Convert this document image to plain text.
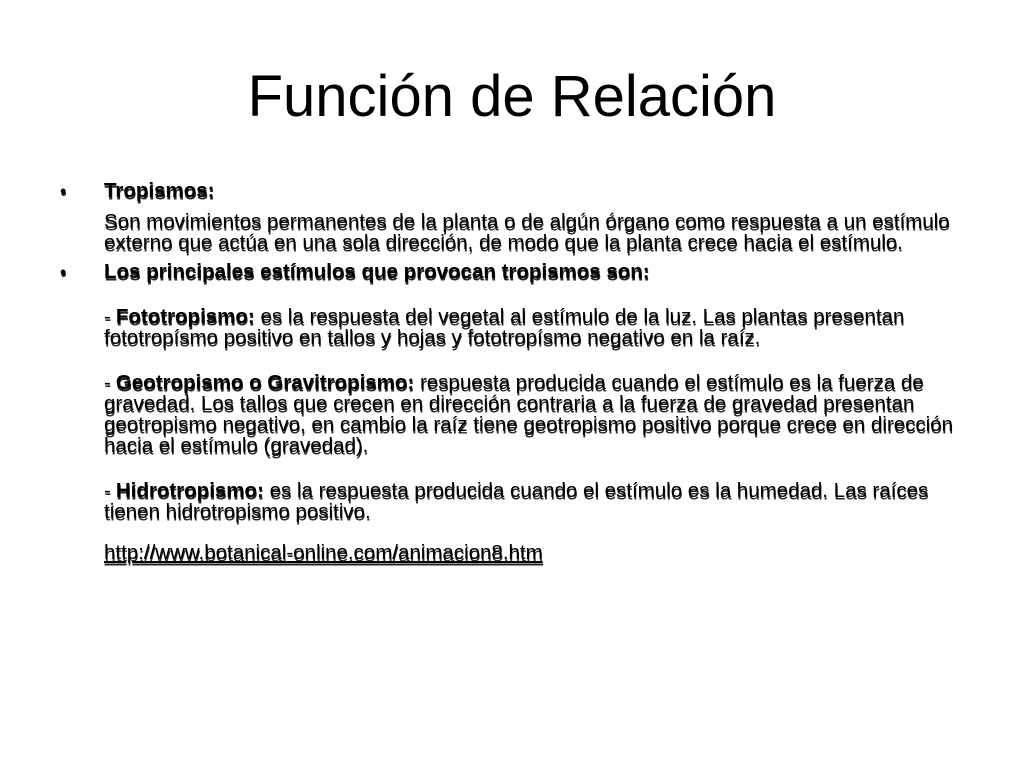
Función de Relación
•	Tropismos:

Son movimientos permanentes de la planta o de algún órgano como respuesta a un estímulo externo que actúa en una sola dirección, de modo que la planta crece hacia el estímulo.

•	Los principales estímulos que provocan tropismos son:

- Fototropismo: es la respuesta del vegetal al estímulo de la luz. Las plantas presentan fototropísmo positivo en tallos y hojas y fototropísmo negativo en la raíz.

- Geotropismo o Gravitropismo: respuesta producida cuando el estímulo es la fuerza de gravedad. Los tallos que crecen en dirección contraria a la fuerza de gravedad presentan geotropismo negativo, en cambio la raíz tiene geotropismo positivo porque crece en dirección hacia el estímulo (gravedad).

- Hidrotropismo: es la respuesta producida cuando el estímulo es la humedad. Las raíces tienen hidrotropismo positivo.

http://www.botanical-online.com/animacion8.htm
